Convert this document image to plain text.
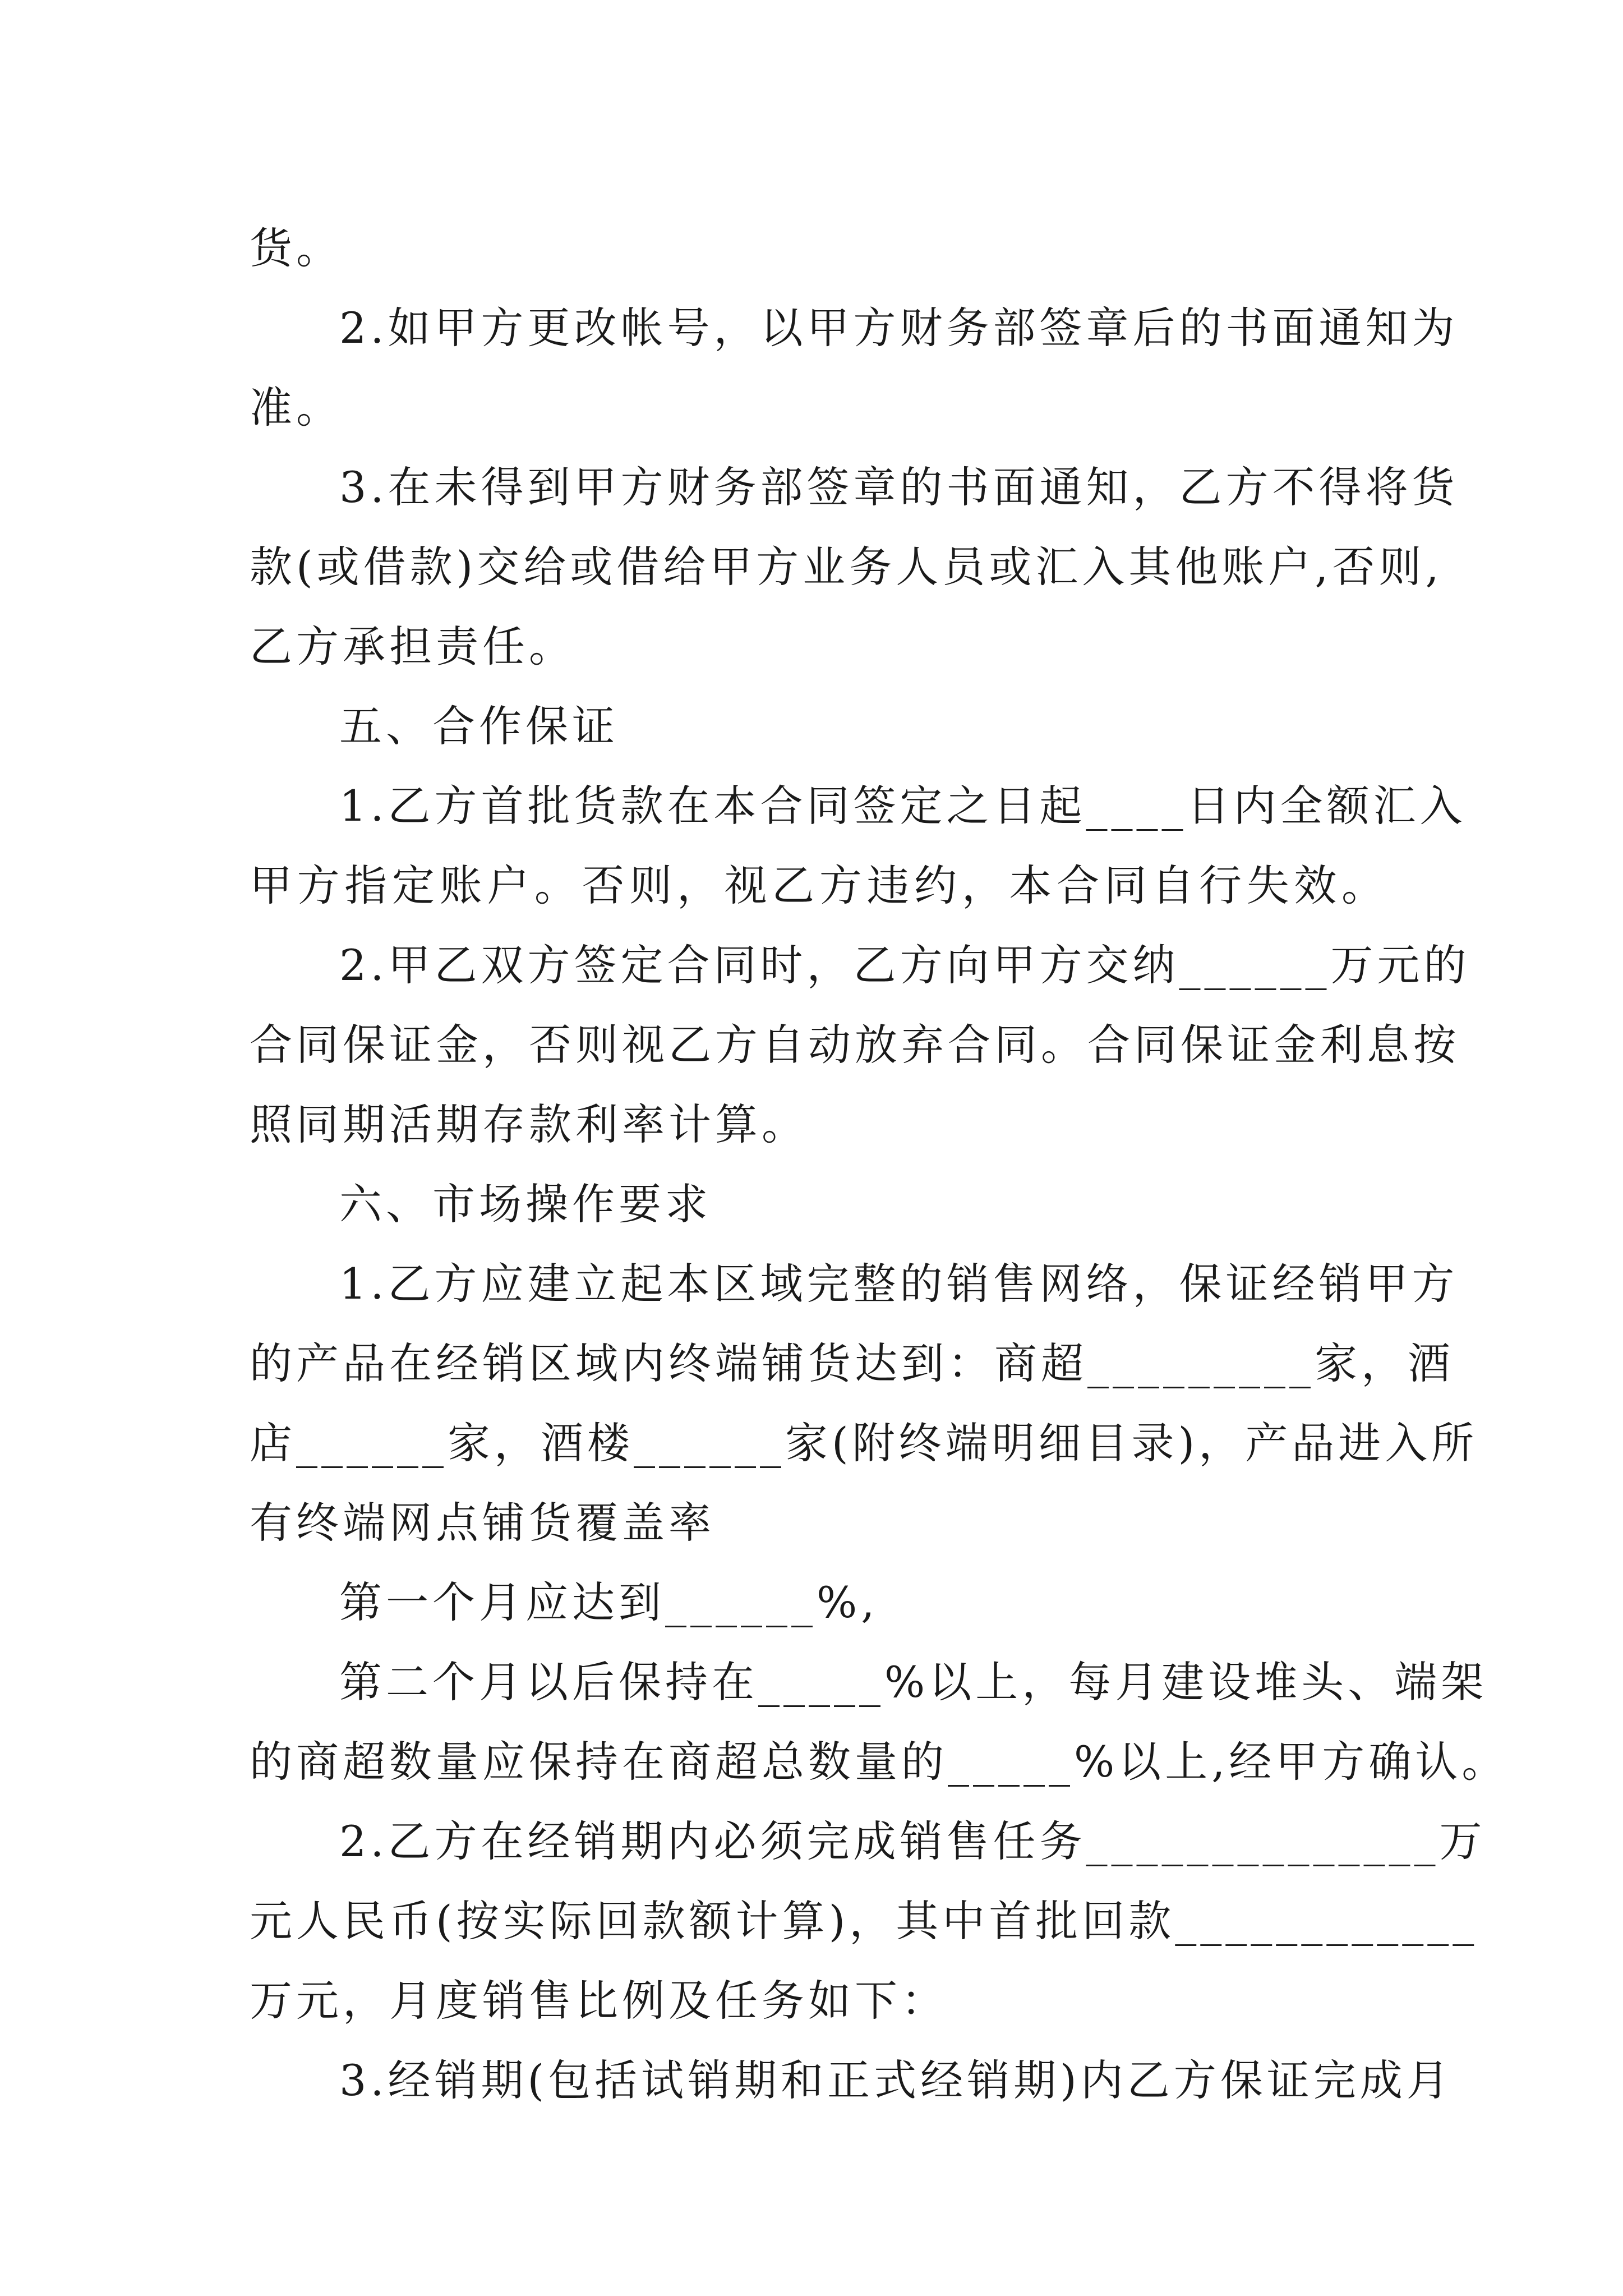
货。
2.如甲方更改帐号，以甲方财务部签章后的书面通知为
准。
3.在未得到甲方财务部签章的书面通知，乙方不得将货
款(或借款)交给或借给甲方业务人员或汇入其他账户,否则,
乙方承担责任。
五、合作保证
1.乙方首批货款在本合同签定之日起____日内全额汇入
甲方指定账户。否则，视乙方违约，本合同自行失效。
2.甲乙双方签定合同时，乙方向甲方交纳______万元的
合同保证金，否则视乙方自动放弃合同。合同保证金利息按
照同期活期存款利率计算。
六、市场操作要求
1.乙方应建立起本区域完整的销售网络，保证经销甲方
的产品在经销区域内终端铺货达到：商超_________家，酒
店______家，酒楼______家(附终端明细目录)，产品进入所
有终端网点铺货覆盖率
第一个月应达到______%,
第二个月以后保持在_____%以上，每月建设堆头、端架
的商超数量应保持在商超总数量的_____%以上,经甲方确认。
2.乙方在经销期内必须完成销售任务______________万
元人民币(按实际回款额计算)，其中首批回款____________
万元，月度销售比例及任务如下：
3.经销期(包括试销期和正式经销期)内乙方保证完成月
